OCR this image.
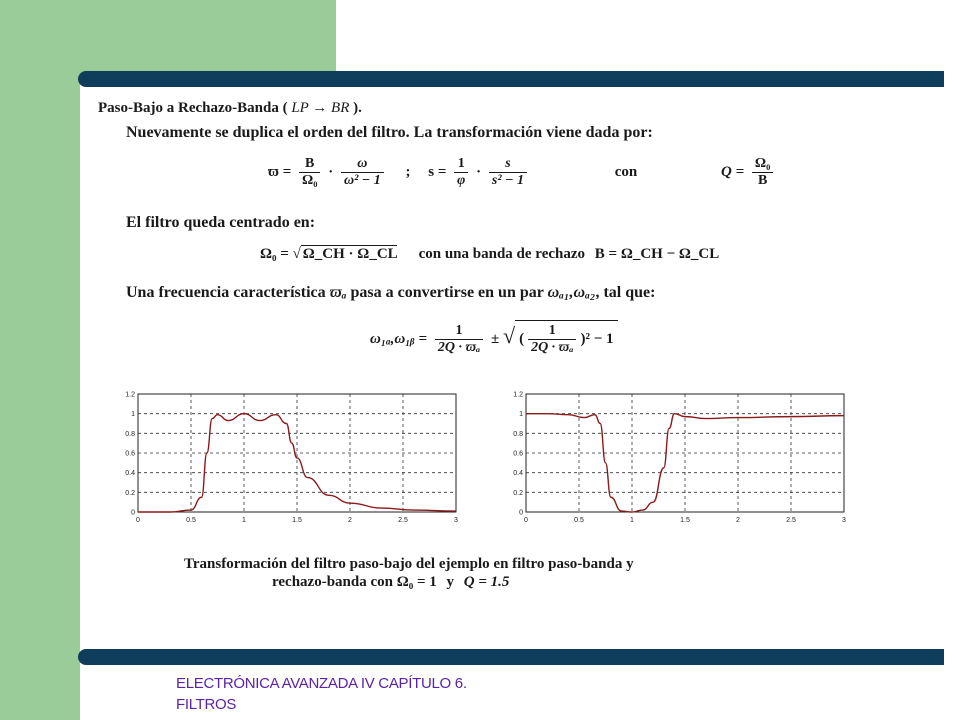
Paso-Bajo a Rechazo-Banda ( LP → BR ).
Nuevamente se duplica el orden del filtro. La transformación viene dada por:
$ϖ = \frac{B}{\text{Ω₀}} \cdot \frac{\omega}{\text{ω² − 1}}$ ; $s = \frac{1}{\varphi} \cdot \frac{s}{\text{s² − 1}}$	con	$Q = \frac{\text{Ω₀}}{B}$
El filtro queda centrado en:
Ω₀ = √ Ω_CH · Ω_CL con una banda de rechazo B = Ω_CH − Ω_CL
Una frecuencia característica ϖₐ pasa a convertirse en un par ωₐ₁,ωₐ₂, tal que:
ω₁ₐ,ω₁ᵦ = $\frac{1}{\text{2Q · ϖₐ}}$ ± √ ( $\frac{1}{\text{2Q · ϖₐ}} )^2 - 1$
0	0.5	1	1.5	2	2.5	3
0
0.2
0.4
0.6
0.8
1
1.2
0	0.5	1	1.5	2	2.5	3
0
0.2
0.4
0.6
0.8
1
1.2
Transformación del filtro paso-bajo del ejemplo en filtro paso-banda y
rechazo-banda con Ω₀ = 1 y Q = 1.5
ELECTRÓNICA AVANZADA IV CAPÍTULO 6.
FILTROS
